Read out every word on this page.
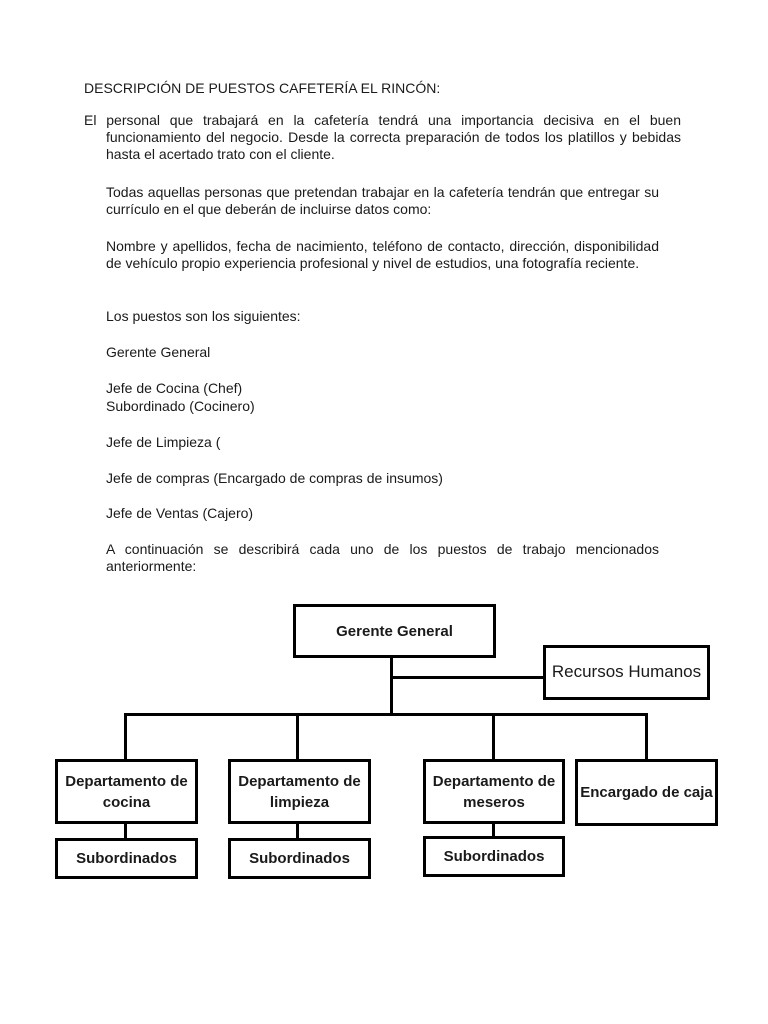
DESCRIPCIÓN DE PUESTOS CAFETERÍA EL RINCÓN:
El personal que trabajará en la cafetería tendrá una importancia decisiva en el buen funcionamiento del negocio. Desde la correcta preparación de todos los platillos y bebidas hasta el acertado trato con el cliente.
Todas aquellas personas que pretendan trabajar en la cafetería tendrán que entregar su currículo en el que deberán de incluirse datos como:
Nombre y apellidos, fecha de nacimiento, teléfono de contacto, dirección, disponibilidad de vehículo propio experiencia profesional y nivel de estudios, una fotografía reciente.
Los puestos son los siguientes:
Gerente General
Jefe de Cocina (Chef)
Subordinado (Cocinero)
Jefe de Limpieza (
Jefe de compras (Encargado de compras de insumos)
Jefe de Ventas (Cajero)
A continuación se describirá cada uno de los puestos de trabajo mencionados anteriormente:
Gerente General
Recursos Humanos
Departamento de cocina
Departamento de limpieza
Departamento de meseros
Encargado de caja
Subordinados	Subordinados	Subordinados
